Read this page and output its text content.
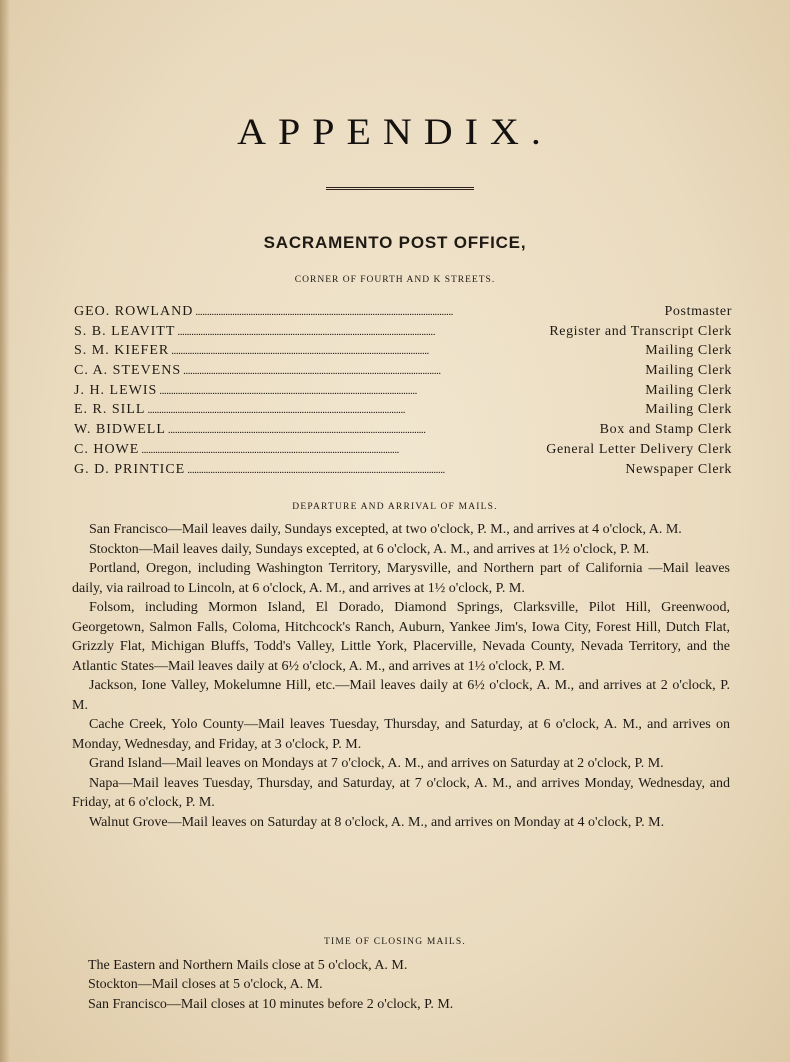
APPENDIX.
SACRAMENTO POST OFFICE,
CORNER OF FOURTH AND K STREETS.
GEO. ROWLAND . . .	Postmaster
S. B. LEAVITT . . .	Register and Transcript Clerk
S. M. KIEFER . . .	Mailing Clerk
C. A. STEVENS . . .	Mailing Clerk
J. H. LEWIS . . .	Mailing Clerk
E. R. SILL . . .	Mailing Clerk
W. BIDWELL . . .	Box and Stamp Clerk
C. HOWE . . .	General Letter Delivery Clerk
G. D. PRINTICE . . .	Newspaper Clerk
DEPARTURE AND ARRIVAL OF MAILS.

San Francisco—Mail leaves daily, Sundays excepted, at two o'clock, P. M., and arrives at 4 o'clock, A. M.

Stockton—Mail leaves daily, Sundays excepted, at 6 o'clock, A. M., and arrives at 1½ o'clock, P. M.

Portland, Oregon, including Washington Territory, Marysville, and Northern part of California —Mail leaves daily, via railroad to Lincoln, at 6 o'clock, A. M., and arrives at 1½ o'clock, P. M.

Folsom, including Mormon Island, El Dorado, Diamond Springs, Clarksville, Pilot Hill, Greenwood, Georgetown, Salmon Falls, Coloma, Hitchcock's Ranch, Auburn, Yankee Jim's, Iowa City, Forest Hill, Dutch Flat, Grizzly Flat, Michigan Bluffs, Todd's Valley, Little York, Placerville, Nevada County, Nevada Territory, and the Atlantic States—Mail leaves daily at 6½ o'clock, A. M., and arrives at 1½ o'clock, P. M.

Jackson, Ione Valley, Mokelumne Hill, etc.—Mail leaves daily at 6½ o'clock, A. M., and arrives at 2 o'clock, P. M.

Cache Creek, Yolo County—Mail leaves Tuesday, Thursday, and Saturday, at 6 o'clock, A. M., and arrives on Monday, Wednesday, and Friday, at 3 o'clock, P. M.

Grand Island—Mail leaves on Mondays at 7 o'clock, A. M., and arrives on Saturday at 2 o'clock, P. M.

Napa—Mail leaves Tuesday, Thursday, and Saturday, at 7 o'clock, A. M., and arrives Monday, Wednesday, and Friday, at 6 o'clock, P. M.

Walnut Grove—Mail leaves on Saturday at 8 o'clock, A. M., and arrives on Monday at 4 o'clock, P. M.

TIME OF CLOSING MAILS.

The Eastern and Northern Mails close at 5 o'clock, A. M.

Stockton—Mail closes at 5 o'clock, A. M.

San Francisco—Mail closes at 10 minutes before 2 o'clock, P. M.
